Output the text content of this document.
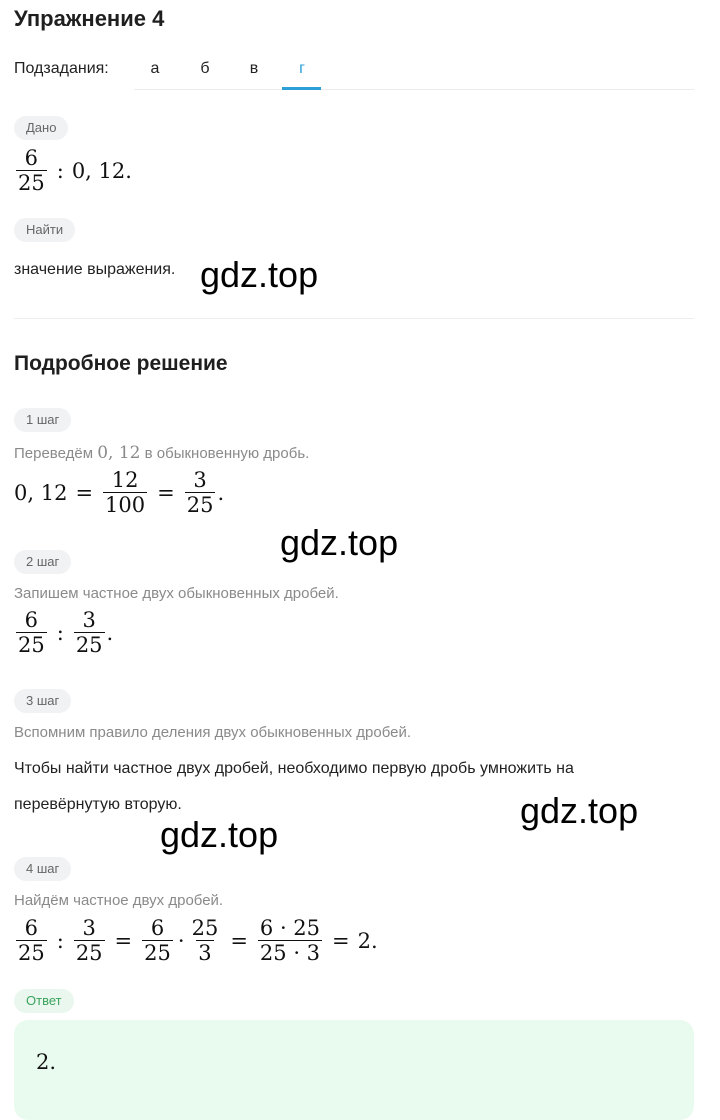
Упражнение 4
Подзадания:	а	б	в	г
Дано
$\frac{6}{25}$ : 0, 12.
Найти
значение выражения.
Подробное решение
1 шаг
Переведём 0, 12 в обыкновенную дробь.
0, $12 = \frac{12}{100} = \frac{3}{25}$ .
2 шаг
Запишем частное двух обыкновенных дробей.
$\frac{6}{25}$ : $\frac{3}{25}$ .
3 шаг
Вспомним правило деления двух обыкновенных дробей.
Чтобы найти частное двух дробей, необходимо первую дробь умножить на
перевёрнутую вторую.
4 шаг
Найдём частное двух дробей.
$\frac{6}{25}$ : $\frac{3}{25} = \frac{6}{25} \cdot \frac{25}{3} = \frac{6 \cdot 25}{25 \cdot 3} = 2$.
Ответ
2.
gdz.top
gdz.top
gdz.top
gdz.top
